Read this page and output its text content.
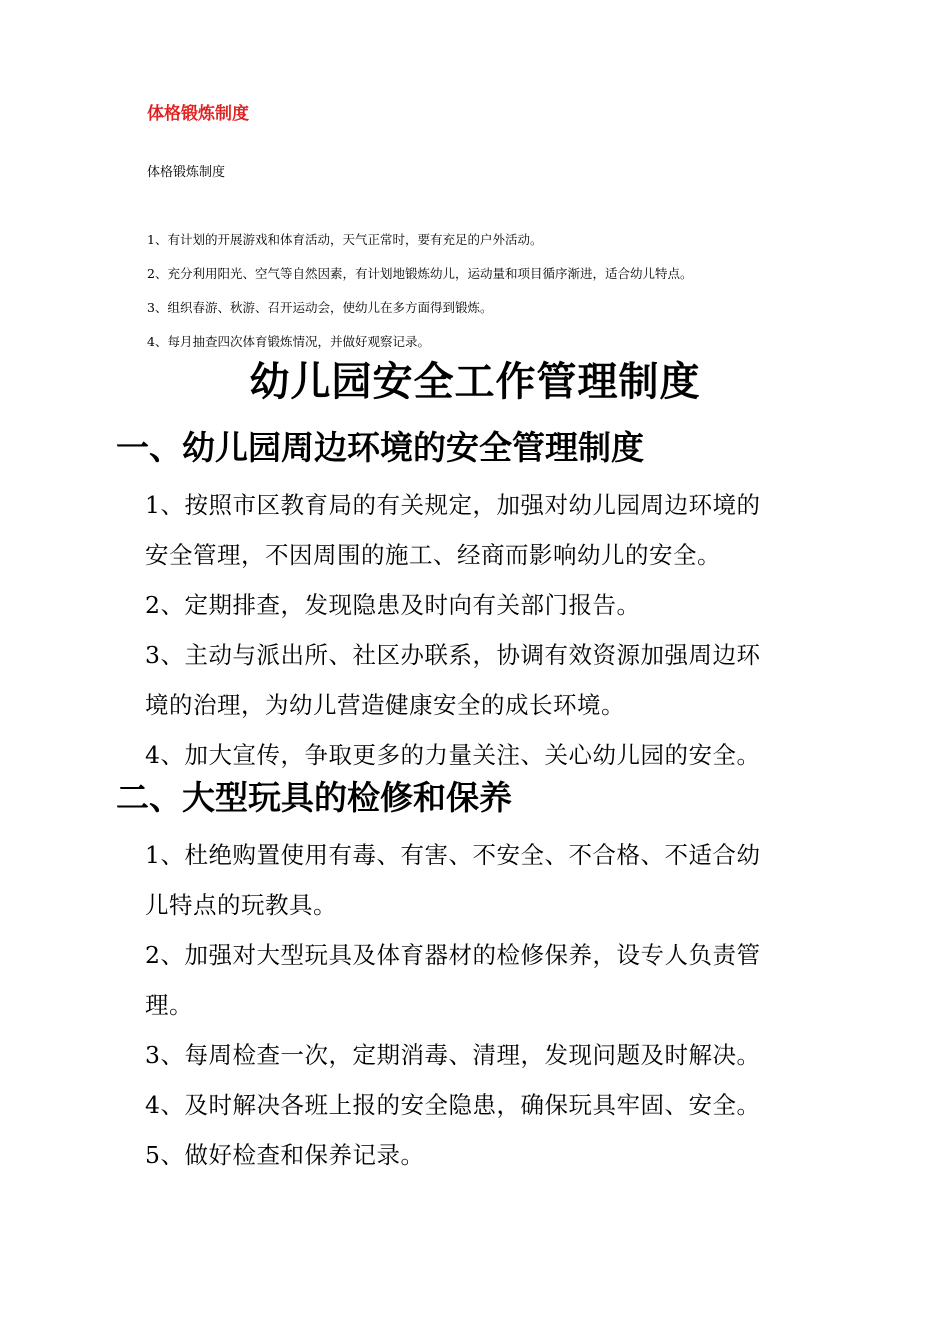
体格锻炼制度
体格锻炼制度
1、有计划的开展游戏和体育活动，天气正常时，要有充足的户外活动。
2、充分利用阳光、空气等自然因素，有计划地锻炼幼儿，运动量和项目循序渐进，适合幼儿特点。
3、组织春游、秋游、召开运动会，使幼儿在多方面得到锻炼。
4、每月抽查四次体育锻炼情况，并做好观察记录。
幼儿园安全工作管理制度
一、幼儿园周边环境的安全管理制度
1、按照市区教育局的有关规定，加强对幼儿园周边环境的
安全管理，不因周围的施工、经商而影响幼儿的安全。
2、定期排查，发现隐患及时向有关部门报告。
3、主动与派出所、社区办联系，协调有效资源加强周边环
境的治理，为幼儿营造健康安全的成长环境。
4、加大宣传，争取更多的力量关注、关心幼儿园的安全。
二、大型玩具的检修和保养
1、杜绝购置使用有毒、有害、不安全、不合格、不适合幼
儿特点的玩教具。
2、加强对大型玩具及体育器材的检修保养，设专人负责管
理。
3、每周检查一次，定期消毒、清理，发现问题及时解决。
4、及时解决各班上报的安全隐患，确保玩具牢固、安全。
5、做好检查和保养记录。
